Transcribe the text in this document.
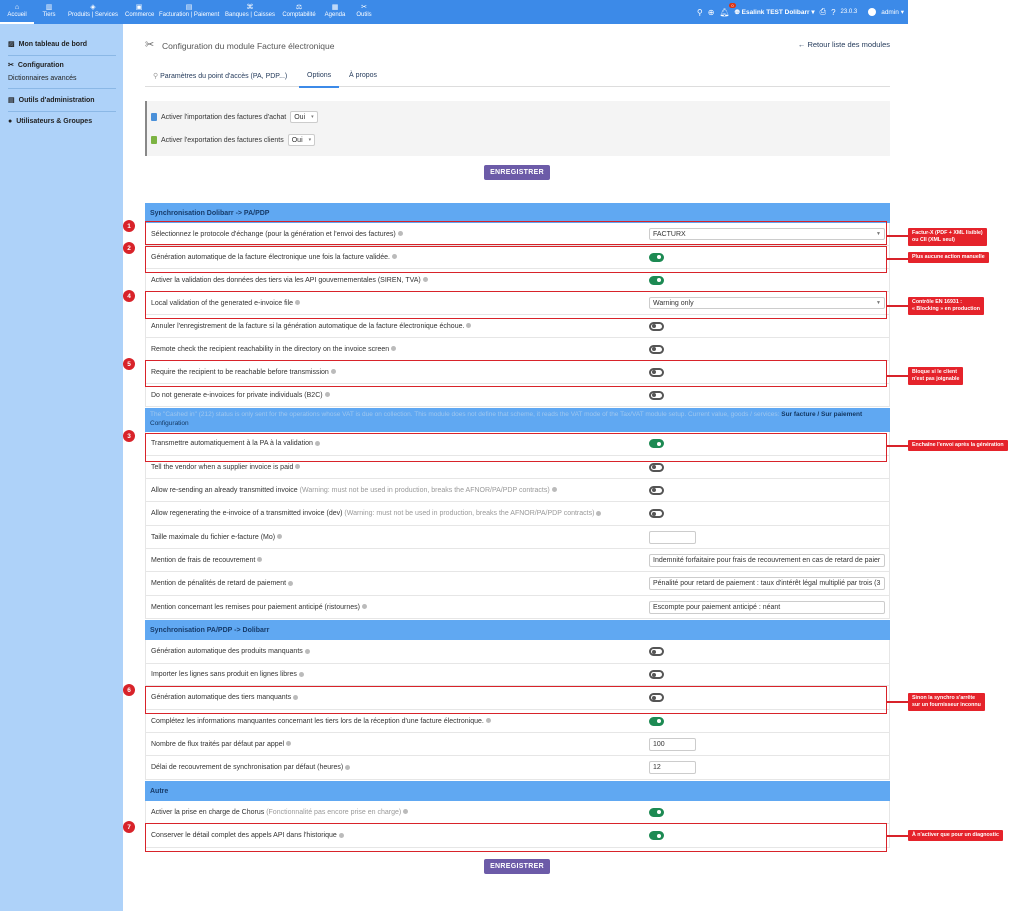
⌂
Accueil
▥
Tiers
◈
Produits | Services
▣
Commerce
▤
Facturation | Paiement
⌘
Banques | Caisses
⚖
Comptabilité
▦
Agenda
✂
Outils	⚲ ⊕ 🔔︎
0
🌐︎ Esalink TEST Dolibarr ▾ ⎙ ? 23.0.3	admin ▾
▨ Mon tableau de bord
✂ Configuration
Dictionnaires avancés
▤ Outils d'administration
● Utilisateurs & Groupes
✂ Configuration du module Facture électronique	← Retour liste des modules
⚲ Paramètres du point d'accès (PA, PDP...)	Options	À propos
Activer l'importation des factures d'achat Oui ▾
Activer l'exportation des factures clients Oui ▾
ENREGISTRER
Synchronisation Dolibarr -> PA/PDP
Sélectionnez le protocole d'échange (pour la génération et l'envoi des factures)	FACTURX	▼
Génération automatique de la facture électronique une fois la facture validée.
Activer la validation des données des tiers via les API gouvernementales (SIREN, TVA)
Local validation of the generated e-invoice file	Warning only	▼
Annuler l'enregistrement de la facture si la génération automatique de la facture électronique échoue.
Remote check the recipient reachability in the directory on the invoice screen
Require the recipient to be reachable before transmission
Do not generate e-invoices for private individuals (B2C)
The "Cashed in" (212) status is only sent for the operations whose VAT is due on collection. This module does not define that scheme, it reads the VAT mode of the Tax/VAT module setup. Current value, goods / services: Sur facture / Sur paiement Configuration
Transmettre automatiquement à la PA à la validation
Tell the vendor when a supplier invoice is paid
Allow re-sending an already transmitted invoice (Warning: must not be used in production, breaks the AFNOR/PA/PDP contracts)
Allow regenerating the e-invoice of a transmitted invoice (dev) (Warning: must not be used in production, breaks the AFNOR/PA/PDP contracts)
Taille maximale du fichier e-facture (Mo)
Mention de frais de recouvrement	Indemnité forfaitaire pour frais de recouvrement en cas de retard de paier
Mention de pénalités de retard de paiement	Pénalité pour retard de paiement : taux d'intérêt légal multiplié par trois (3
Mention concernant les remises pour paiement anticipé (ristournes)	Escompte pour paiement anticipé : néant
Synchronisation PA/PDP -> Dolibarr
Génération automatique des produits manquants
Importer les lignes sans produit en lignes libres
Génération automatique des tiers manquants
Complétez les informations manquantes concernant les tiers lors de la réception d'une facture électronique.
Nombre de flux traités par défaut par appel	100
Délai de recouvrement de synchronisation par défaut (heures)	12
Autre
Activer la prise en charge de Chorus (Fonctionnalité pas encore prise en charge)
Conserver le détail complet des appels API dans l'historique
ENREGISTRER
1
Factur-X (PDF + XML lisible)
ou CII (XML seul)
2
Plus aucune action manuelle
4
Contrôle EN 16931 :
« Blocking » en production
5
Bloque si le client
n'est pas joignable
3
Enchaîne l'envoi après la génération
6
Sinon la synchro s'arrête
sur un fournisseur inconnu
7
À n'activer que pour un diagnostic
